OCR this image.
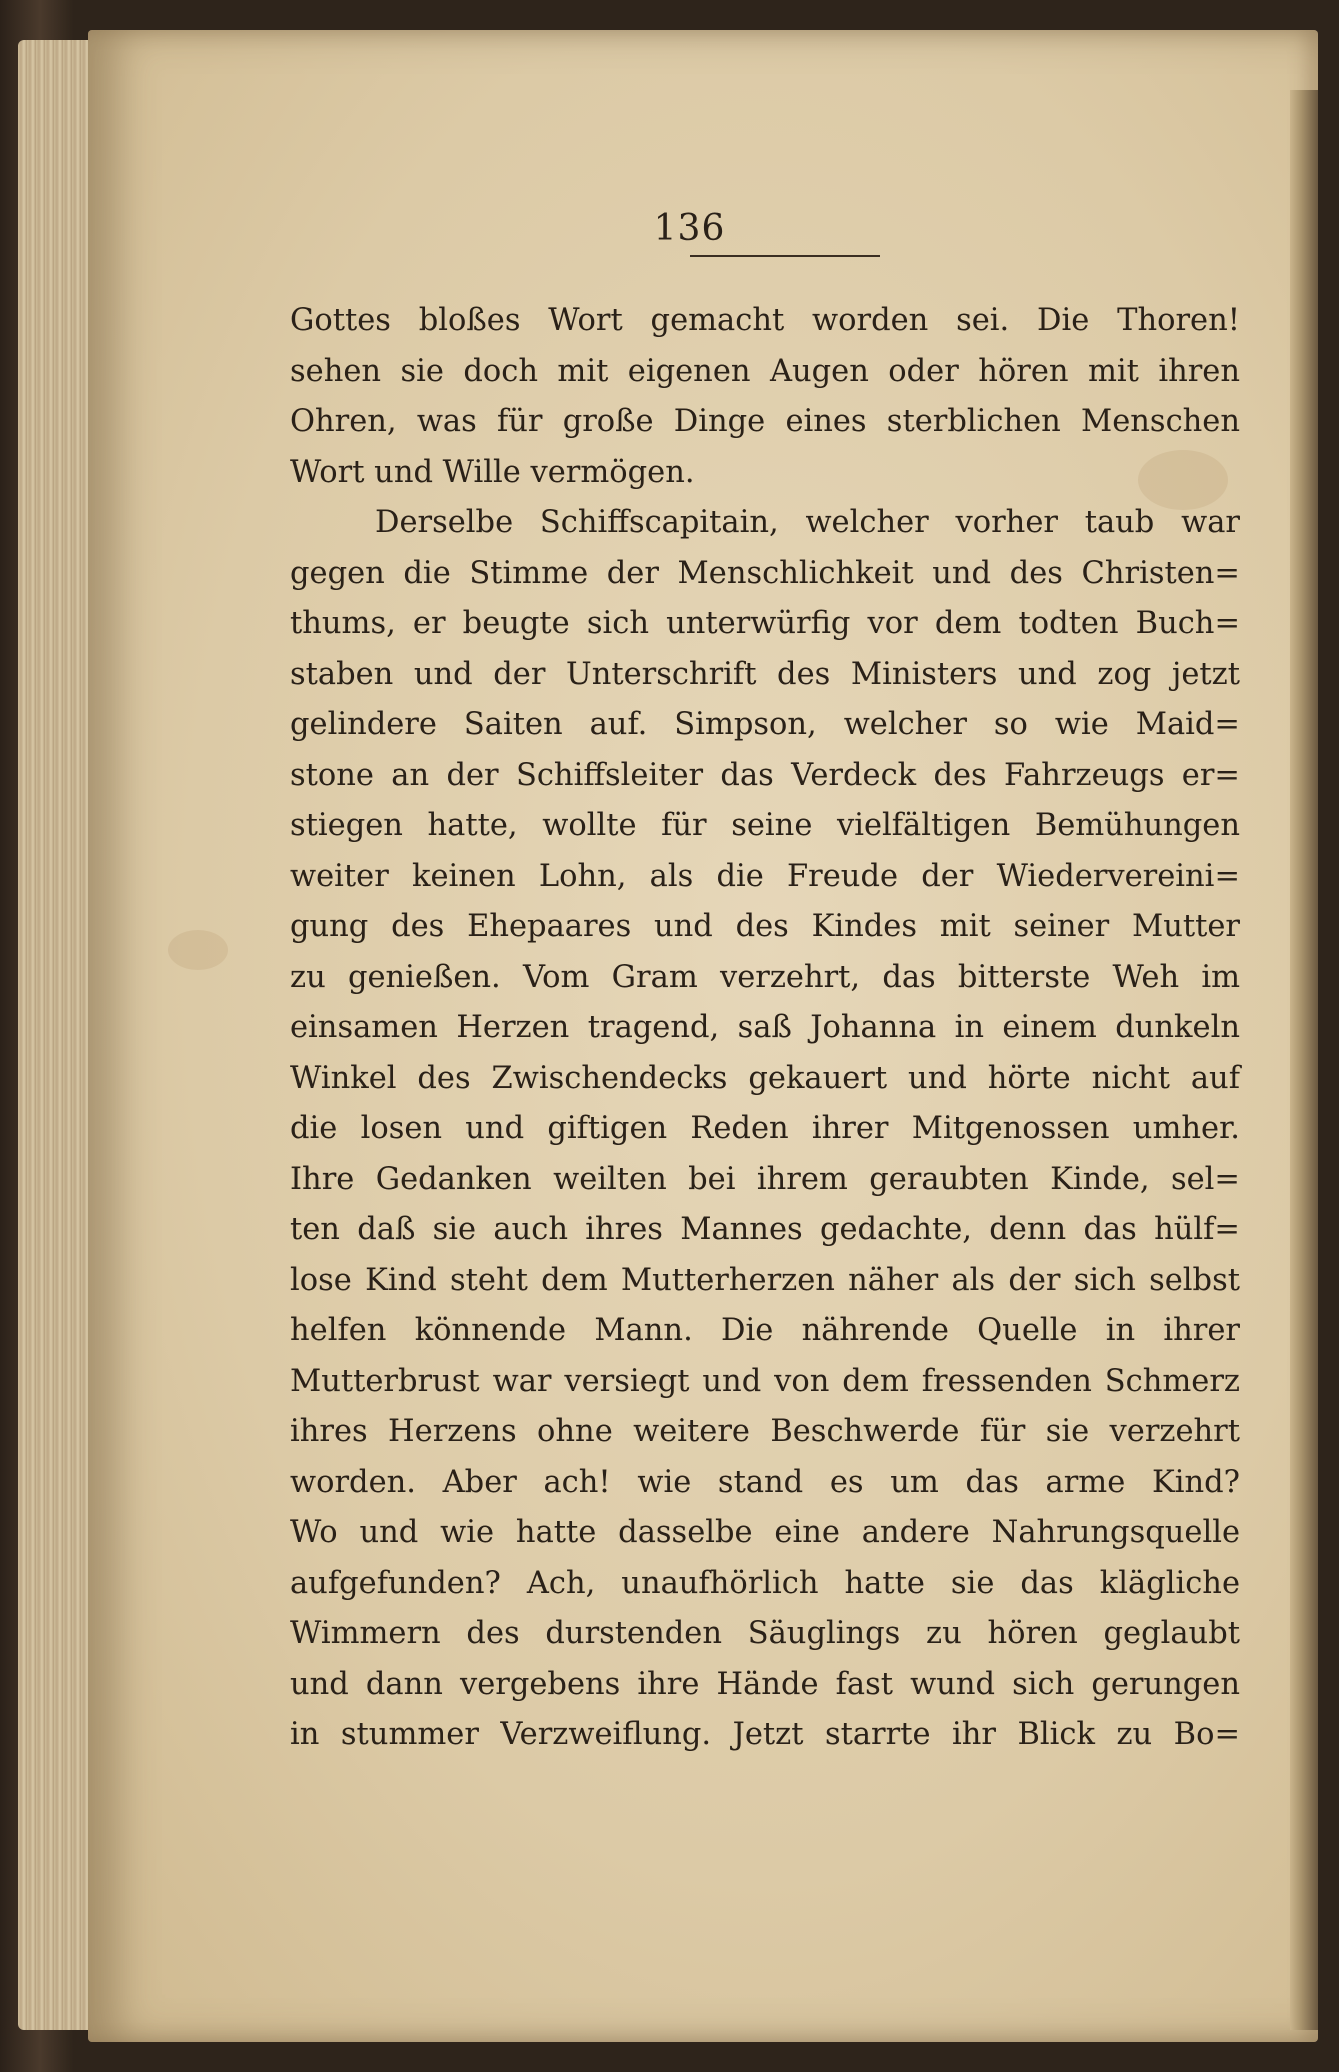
136
Gottes bloßes Wort gemacht worden sei. Die Thoren!
sehen sie doch mit eigenen Augen oder hören mit ihren
Ohren, was für große Dinge eines sterblichen Menschen
Wort und Wille vermögen.
Derselbe Schiffscapitain, welcher vorher taub war
gegen die Stimme der Menschlichkeit und des Christen=
thums, er beugte sich unterwürfig vor dem todten Buch=
staben und der Unterschrift des Ministers und zog jetzt
gelindere Saiten auf. Simpson, welcher so wie Maid=
stone an der Schiffsleiter das Verdeck des Fahrzeugs er=
stiegen hatte, wollte für seine vielfältigen Bemühungen
weiter keinen Lohn, als die Freude der Wiedervereini=
gung des Ehepaares und des Kindes mit seiner Mutter
zu genießen. Vom Gram verzehrt, das bitterste Weh im
einsamen Herzen tragend, saß Johanna in einem dunkeln
Winkel des Zwischendecks gekauert und hörte nicht auf
die losen und giftigen Reden ihrer Mitgenossen umher.
Ihre Gedanken weilten bei ihrem geraubten Kinde, sel=
ten daß sie auch ihres Mannes gedachte, denn das hülf=
lose Kind steht dem Mutterherzen näher als der sich selbst
helfen könnende Mann. Die nährende Quelle in ihrer
Mutterbrust war versiegt und von dem fressenden Schmerz
ihres Herzens ohne weitere Beschwerde für sie verzehrt
worden. Aber ach! wie stand es um das arme Kind?
Wo und wie hatte dasselbe eine andere Nahrungsquelle
aufgefunden? Ach, unaufhörlich hatte sie das klägliche
Wimmern des durstenden Säuglings zu hören geglaubt
und dann vergebens ihre Hände fast wund sich gerungen
in stummer Verzweiflung. Jetzt starrte ihr Blick zu Bo=
